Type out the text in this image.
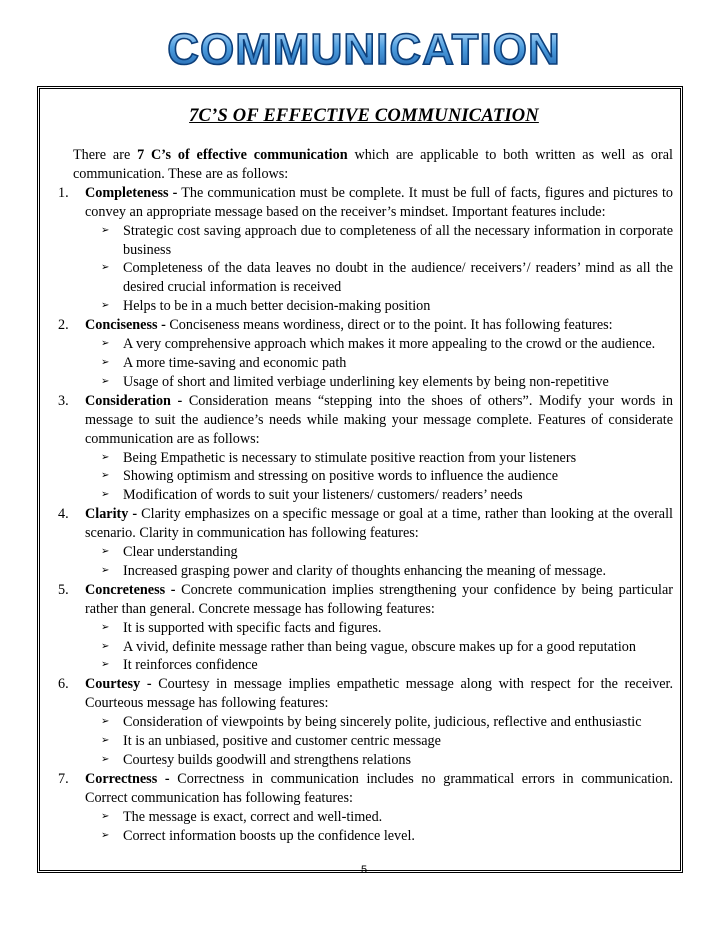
COMMUNICATION
7C’S OF EFFECTIVE COMMUNICATION

There are 7 C’s of effective communication which are applicable to both written as well as oral communication. These are as follows:

1.	Completeness - The communication must be complete. It must be full of facts, figures and pictures to convey an appropriate message based on the receiver’s mindset. Important features include:
➢ Strategic cost saving approach due to completeness of all the necessary information in corporate business
➢ Completeness of the data leaves no doubt in the audience/ receivers’/ readers’ mind as all the desired crucial information is received
➢ Helps to be in a much better decision-making position
2.	Conciseness - Conciseness means wordiness, direct or to the point. It has following features:
➢ A very comprehensive approach which makes it more appealing to the crowd or the audience.
➢ A more time-saving and economic path
➢ Usage of short and limited verbiage underlining key elements by being non-repetitive
3.	Consideration - Consideration means “stepping into the shoes of others”. Modify your words in message to suit the audience’s needs while making your message complete. Features of considerate communication are as follows:
➢ Being Empathetic is necessary to stimulate positive reaction from your listeners
➢ Showing optimism and stressing on positive words to influence the audience
➢ Modification of words to suit your listeners/ customers/ readers’ needs
4.	Clarity - Clarity emphasizes on a specific message or goal at a time, rather than looking at the overall scenario. Clarity in communication has following features:
➢ Clear understanding
➢ Increased grasping power and clarity of thoughts enhancing the meaning of message.
5.	Concreteness - Concrete communication implies strengthening your confidence by being particular rather than general. Concrete message has following features:
➢ It is supported with specific facts and figures.
➢ A vivid, definite message rather than being vague, obscure makes up for a good reputation
➢ It reinforces confidence
6.	Courtesy - Courtesy in message implies empathetic message along with respect for the receiver. Courteous message has following features:
➢ Consideration of viewpoints by being sincerely polite, judicious, reflective and enthusiastic
➢ It is an unbiased, positive and customer centric message
➢ Courtesy builds goodwill and strengthens relations
7.	Correctness - Correctness in communication includes no grammatical errors in communication. Correct communication has following features:
➢ The message is exact, correct and well-timed.
➢ Correct information boosts up the confidence level.
5
